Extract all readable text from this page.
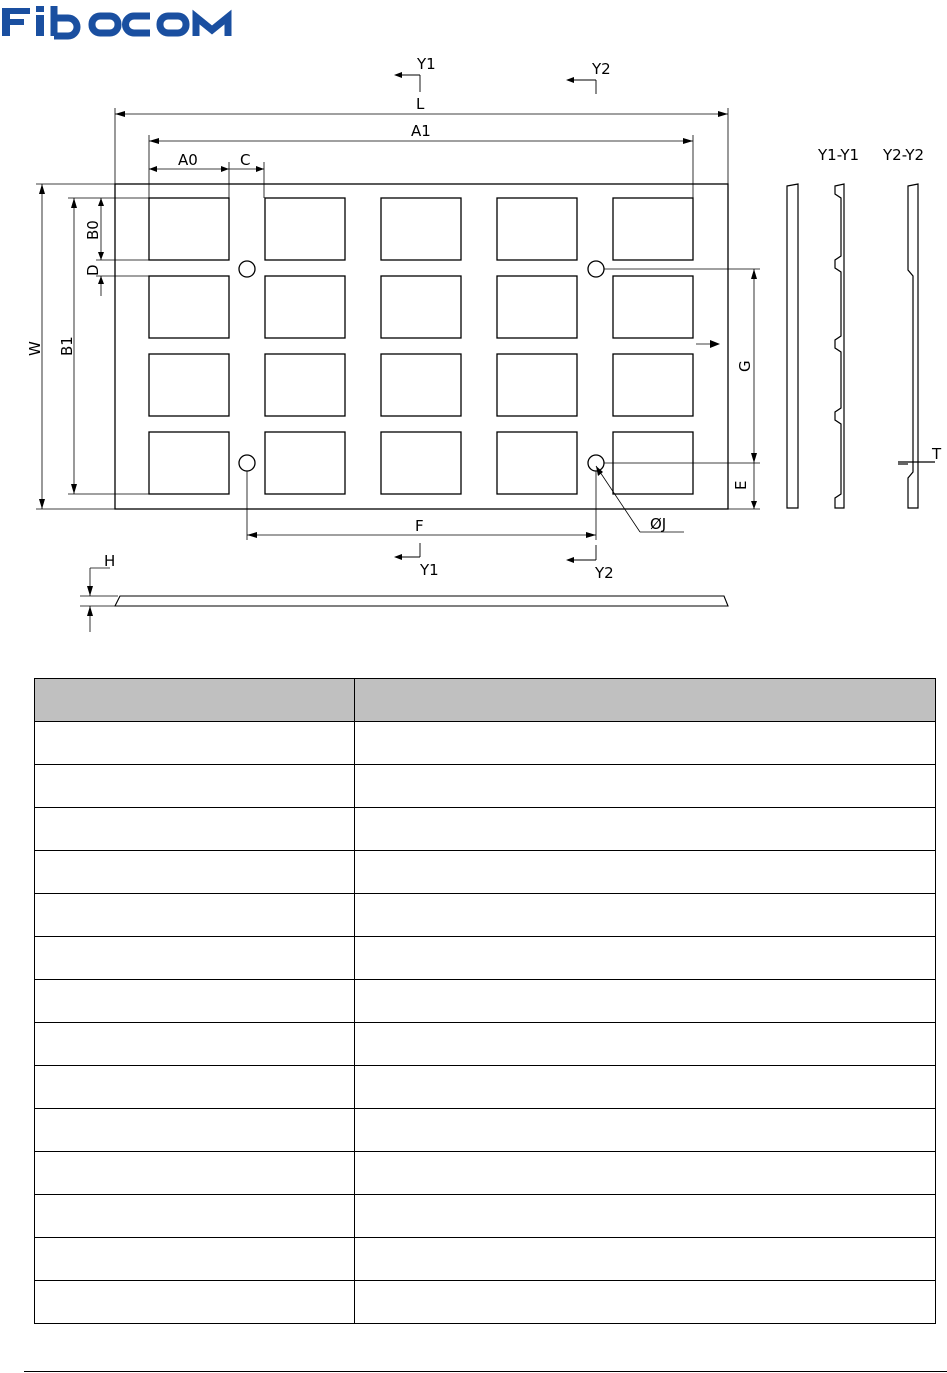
Y1	Y2
L
A1
A0	C
W B1
B0
D
G
E
F	ØJ
Y1	Y2
H
T
Y1-Y1 Y2-Y2
